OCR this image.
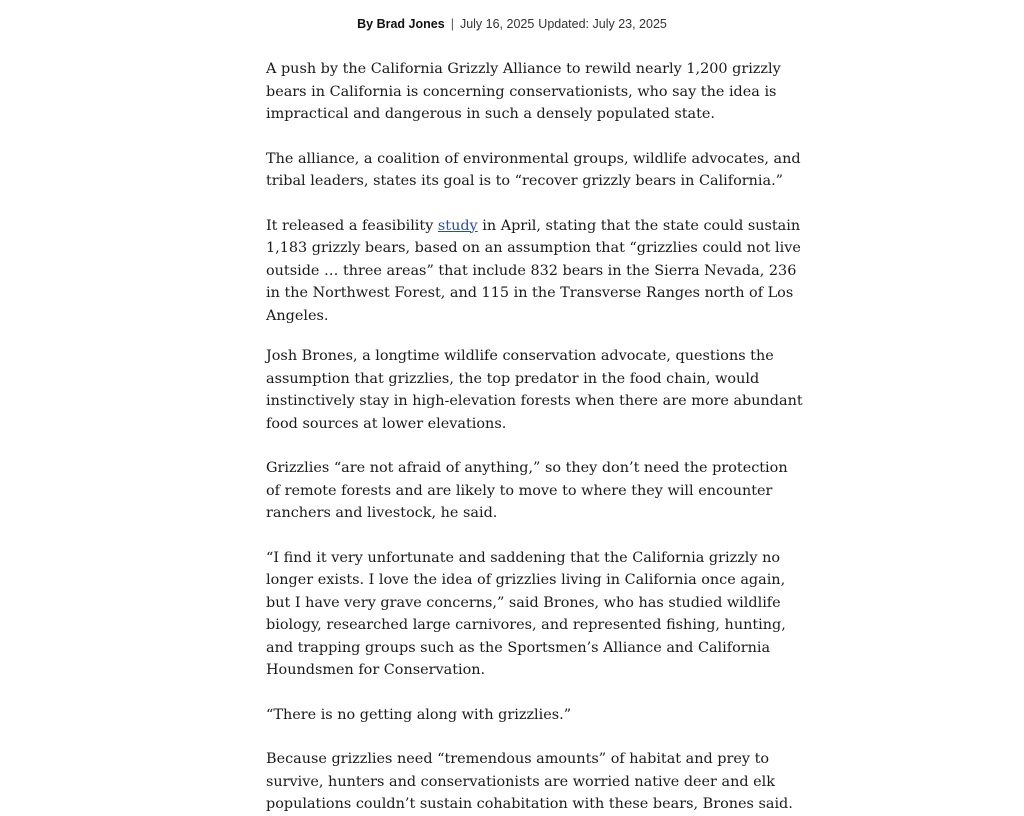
By Brad Jones | July 16, 2025 Updated: July 23, 2025

A push by the California Grizzly Alliance to rewild nearly 1,200 grizzly bears in California is concerning conservationists, who say the idea is impractical and dangerous in such a densely populated state.

The alliance, a coalition of environmental groups, wildlife advocates, and tribal leaders, states its goal is to “recover grizzly bears in California.”

It released a feasibility study in April, stating that the state could sustain 1,183 grizzly bears, based on an assumption that “grizzlies could not live outside … three areas” that include 832 bears in the Sierra Nevada, 236 in the Northwest Forest, and 115 in the Transverse Ranges north of Los Angeles.

Josh Brones, a longtime wildlife conservation advocate, questions the assumption that grizzlies, the top predator in the food chain, would instinctively stay in high-elevation forests when there are more abundant food sources at lower elevations.

Grizzlies “are not afraid of anything,” so they don’t need the protection of remote forests and are likely to move to where they will encounter ranchers and livestock, he said.

“I find it very unfortunate and saddening that the California grizzly no longer exists. I love the idea of grizzlies living in California once again, but I have very grave concerns,” said Brones, who has studied wildlife biology, researched large carnivores, and represented fishing, hunting, and trapping groups such as the Sportsmen’s Alliance and California Houndsmen for Conservation.

“There is no getting along with grizzlies.”

Because grizzlies need “tremendous amounts” of habitat and prey to survive, hunters and conservationists are worried native deer and elk populations couldn’t sustain cohabitation with these bears, Brones said.
